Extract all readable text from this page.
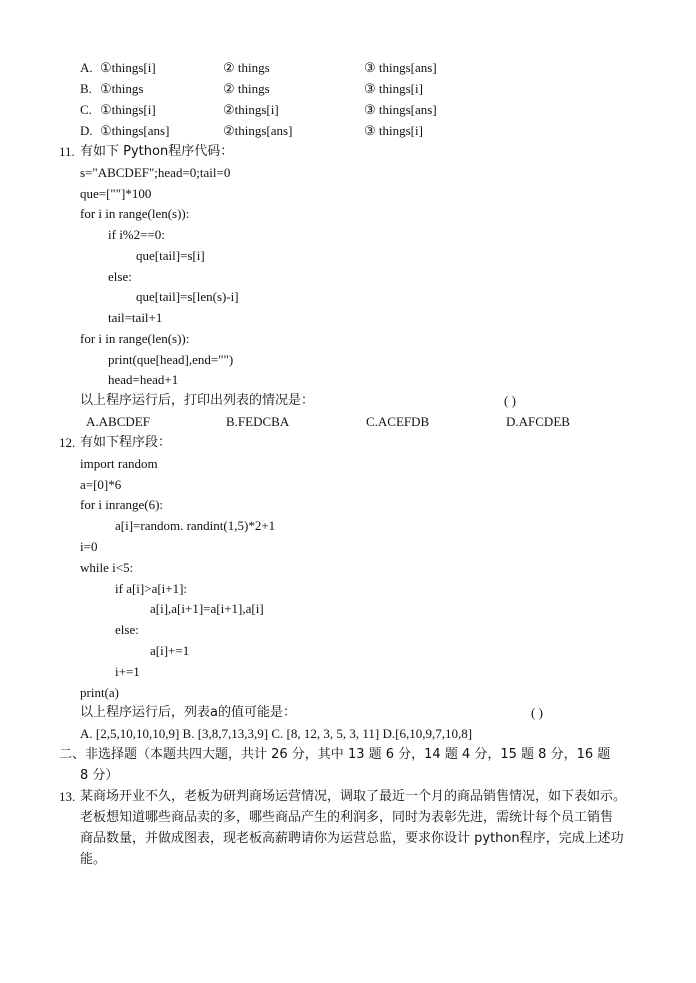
A. ①things[i]	② things	③ things[ans]
B. ①things	② things	③ things[i]
C. ①things[i]	②things[i]	③ things[ans]
D. ①things[ans]	②things[ans]	③ things[i]
11. 有如下 Python程序代码：
s="ABCDEF";head=0;tail=0
que=[""]*100
for i in range(len(s)):
if i%2==0:
que[tail]=s[i]
else:
que[tail]=s[len(s)-i]
tail=tail+1
for i in range(len(s)):
print(que[head],end="")
head=head+1
以上程序运行后，打印出列表的情况是：	( )
A.ABCDEF	B.FEDCBA	C.ACEFDB	D.AFCDEB
12. 有如下程序段：
import random
a=[0]*6
for i inrange(6):
a[i]=random. randint(1,5)*2+1
i=0
while i<5:
if a[i]>a[i+1]:
a[i],a[i+1]=a[i+1],a[i]
else:
a[i]+=1
i+=1
print(a)
以上程序运行后，列表a的值可能是：	( )
A. [2,5,10,10,10,9] B. [3,8,7,13,3,9] C. [8, 12, 3, 5, 3, 11] D.[6,10,9,7,10,8]
二、非选择题（本题共四大题，共计 26 分，其中 13 题 6 分，14 题 4 分，15 题 8 分，16 题
8 分）
13. 某商场开业不久，老板为研判商场运营情况，调取了最近一个月的商品销售情况，如下表如示。
老板想知道哪些商品卖的多，哪些商品产生的利润多，同时为表彰先进，需统计每个员工销售
商品数量，并做成图表，现老板高薪聘请你为运营总监，要求你设计 python程序，完成上述功
能。
